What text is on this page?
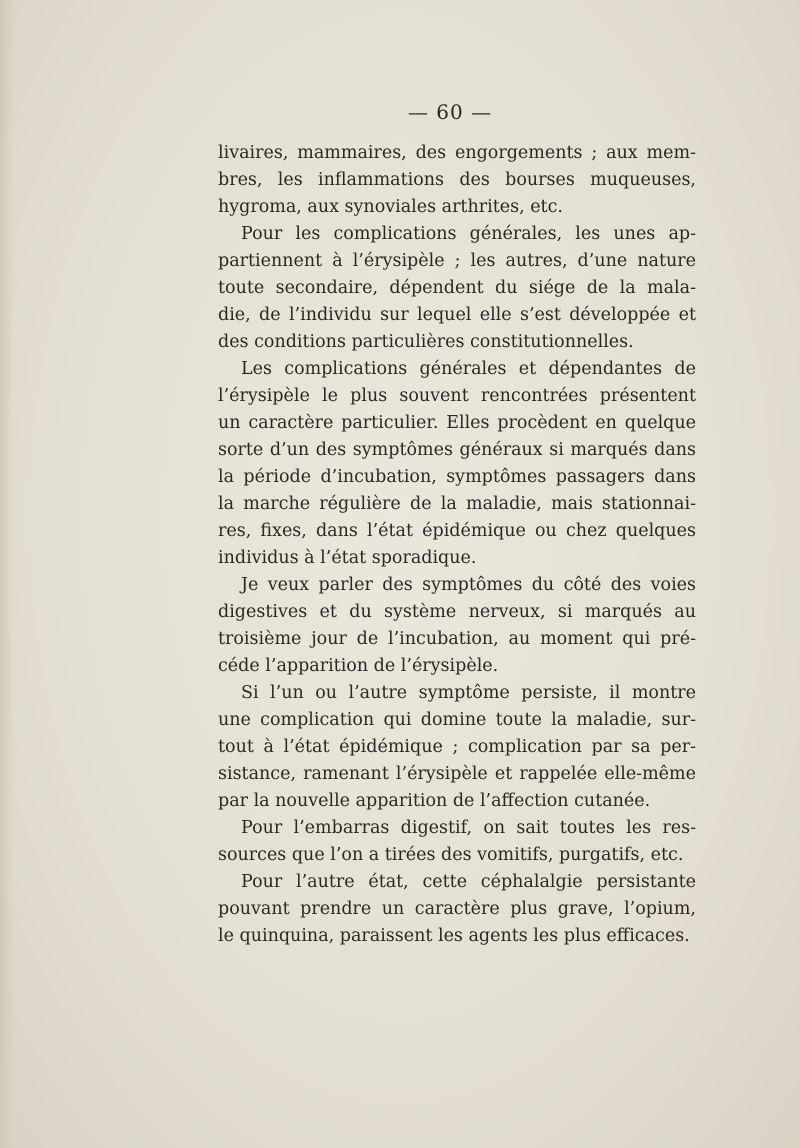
— 60 —
livaires, mammaires, des engorgements ; aux mem-
bres, les inflammations des bourses muqueuses,
hygroma, aux synoviales arthrites, etc.
Pour les complications générales, les unes ap-
partiennent à l’érysipèle ; les autres, d’une nature
toute secondaire, dépendent du siége de la mala-
die, de l’individu sur lequel elle s’est développée et
des conditions particulières constitutionnelles.
Les complications générales et dépendantes de
l’érysipèle le plus souvent rencontrées présentent
un caractère particulier. Elles procèdent en quelque
sorte d’un des symptômes généraux si marqués dans
la période d’incubation, symptômes passagers dans
la marche régulière de la maladie, mais stationnai-
res, fixes, dans l’état épidémique ou chez quelques
individus à l’état sporadique.
Je veux parler des symptômes du côté des voies
digestives et du système nerveux, si marqués au
troisième jour de l’incubation, au moment qui pré-
céde l’apparition de l’érysipèle.
Si l’un ou l’autre symptôme persiste, il montre
une complication qui domine toute la maladie, sur-
tout à l’état épidémique ; complication par sa per-
sistance, ramenant l’érysipèle et rappelée elle-même
par la nouvelle apparition de l’affection cutanée.
Pour l’embarras digestif, on sait toutes les res-
sources que l’on a tirées des vomitifs, purgatifs, etc.
Pour l’autre état, cette céphalalgie persistante
pouvant prendre un caractère plus grave, l’opium,
le quinquina, paraissent les agents les plus efficaces.
